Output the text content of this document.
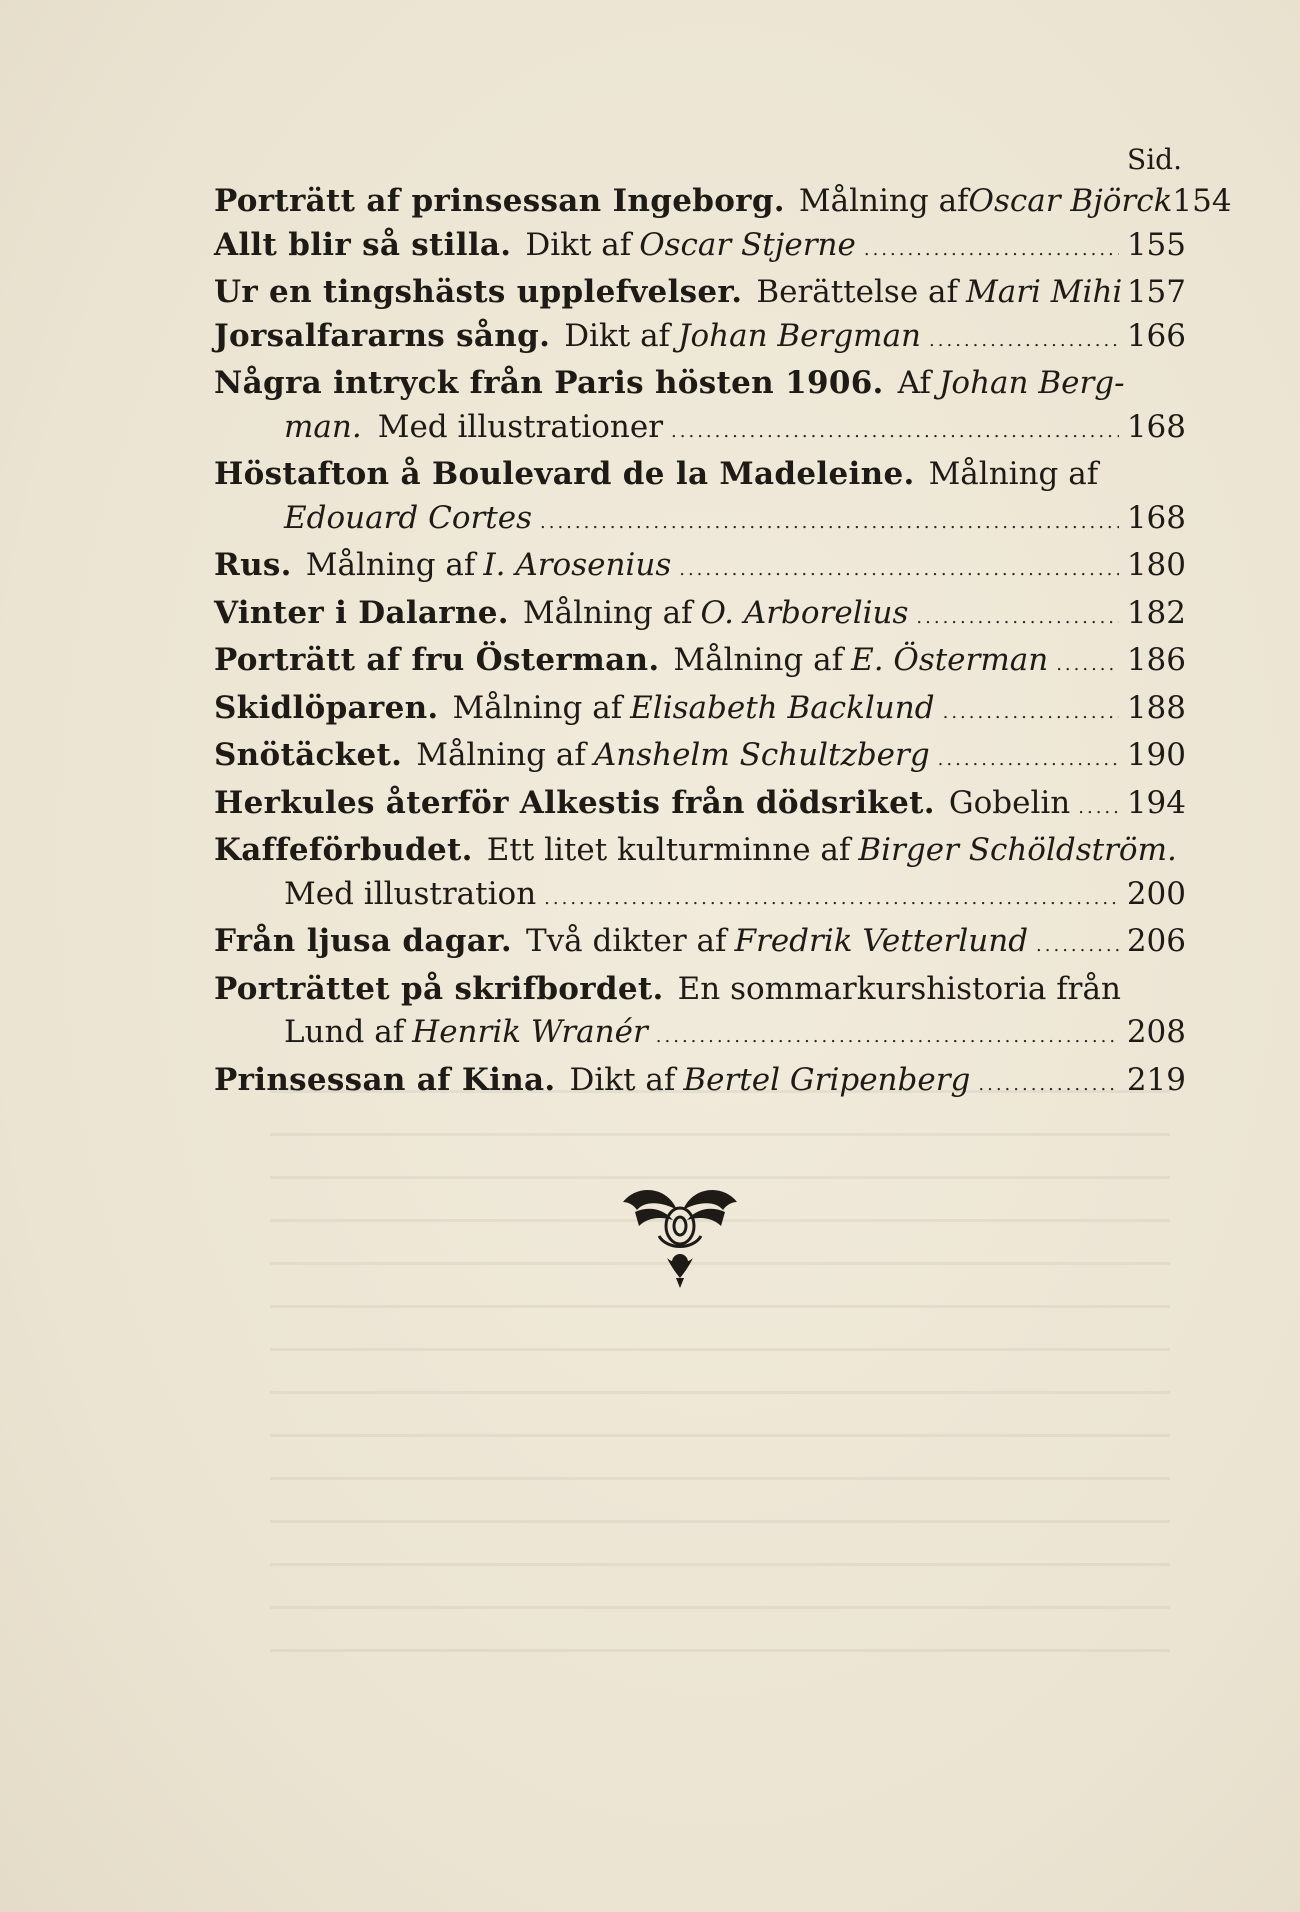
Sid.
Porträtt af prinsessan Ingeborg. Målning af Oscar Björck 154
Allt blir så stilla. Dikt af Oscar Stjerne .....	155
Ur en tingshästs upplefvelser. Berättelse af Mari Mihi 157
Jorsalfararns sång. Dikt af Johan Bergman .....	166
Några intryck från Paris hösten 1906. Af Johan Berg-
man. Med illustrationer .....	168
Höstafton å Boulevard de la Madeleine. Målning af
Edouard Cortes .....	168
Rus. Målning af I. Arosenius .....	180
Vinter i Dalarne. Målning af O. Arborelius .....	182
Porträtt af fru Österman. Målning af E. Österman .....	186
Skidlöparen. Målning af Elisabeth Backlund .....	188
Snötäcket. Målning af Anshelm Schultzberg .....	190
Herkules återför Alkestis från dödsriket. Gobelin ..... 194
Kaffeförbudet. Ett litet kulturminne af Birger Schöldström.
Med illustration .....	200
Från ljusa dagar. Två dikter af Fredrik Vetterlund .....	206
Porträttet på skrifbordet. En sommarkurshistoria från
Lund af Henrik Wranér .....	208
Prinsessan af Kina. Dikt af Bertel Gripenberg .....	219
